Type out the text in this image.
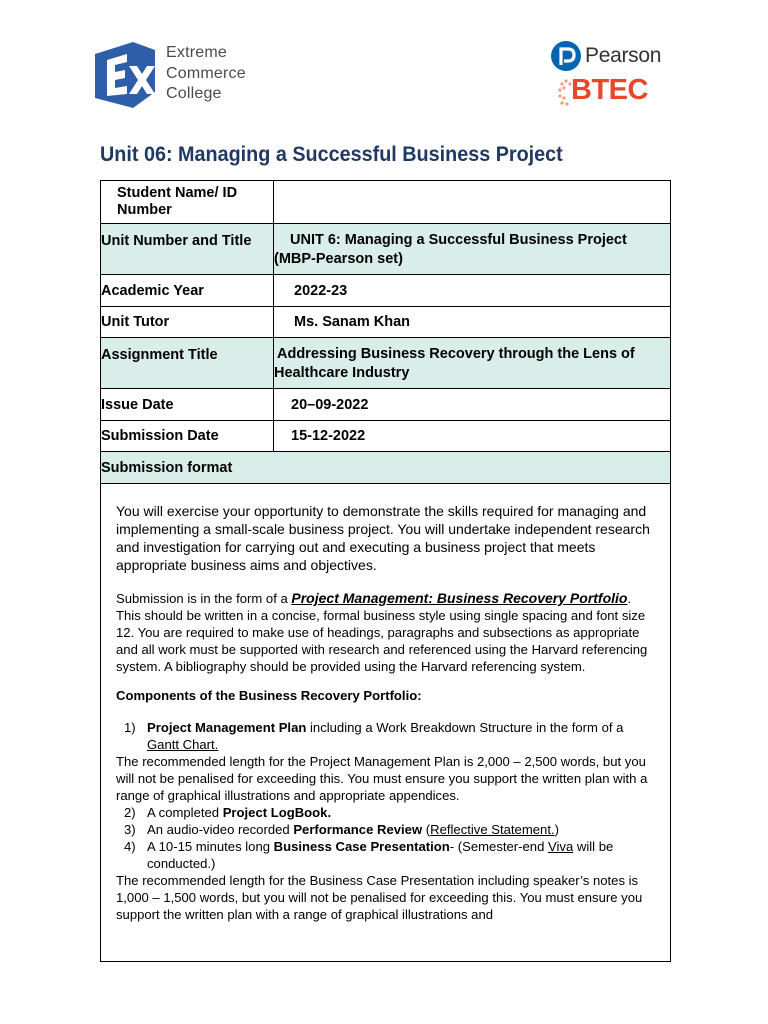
Extreme
Commerce
College
Pearson
BTEC
Unit 06: Managing a Successful Business Project
Student Name/ ID Number	
Unit Number and Title	UNIT 6: Managing a Successful Business Project (MBP-Pearson set)
Academic Year	2022-23
Unit Tutor	Ms. Sanam Khan
Assignment Title	Addressing Business Recovery through the Lens of Healthcare Industry
Issue Date	20–09-2022
Submission Date	15-12-2022
Submission format	

You will exercise your opportunity to demonstrate the skills required for managing and implementing a small-scale business project. You will undertake independent research and investigation for carrying out and executing a business project that meets appropriate business aims and objectives.

Submission is in the form of a Project Management: Business Recovery Portfolio. This should be written in a concise, formal business style using single spacing and font size 12. You are required to make use of headings, paragraphs and subsections as appropriate and all work must be supported with research and referenced using the Harvard referencing system. A bibliography should be provided using the Harvard referencing system.

Components of the Business Recovery Portfolio:

1) Project Management Plan including a Work Breakdown Structure in the form of a Gantt Chart.

The recommended length for the Project Management Plan is 2,000 – 2,500 words, but you will not be penalised for exceeding this. You must ensure you support the written plan with a range of graphical illustrations and appropriate appendices.

2) A completed Project LogBook.
3) An audio-video recorded Performance Review (Reflective Statement.)
4) A 10-15 minutes long Business Case Presentation- (Semester-end Viva will be conducted.)

The recommended length for the Business Case Presentation including speaker’s notes is 1,000 – 1,500 words, but you will not be penalised for exceeding this. You must ensure you support the written plan with a range of graphical illustrations and
